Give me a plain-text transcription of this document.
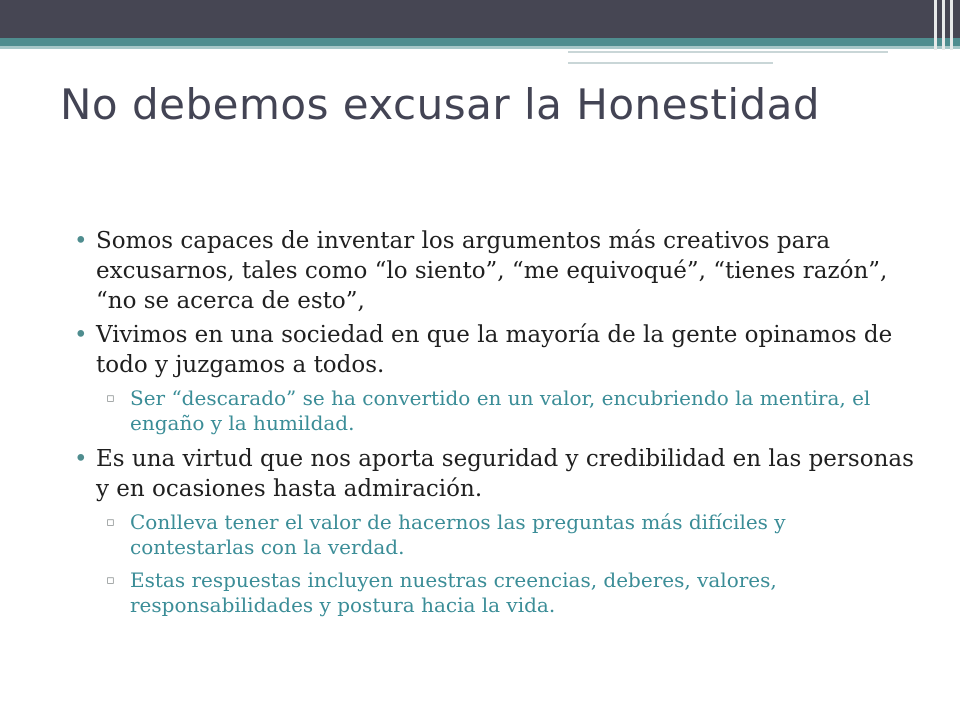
No debemos excusar la Honestidad
• Somos capaces de inventar los argumentos más creativos para excusarnos, tales como “lo siento”, “me equivoqué”, “tienes razón”, “no se acerca de esto”,
• Vivimos en una sociedad en que la mayoría de la gente opinamos de todo y juzgamos a todos.
▫ Ser “descarado” se ha convertido en un valor, encubriendo la mentira, el engaño y la humildad.
• Es una virtud que nos aporta seguridad y credibilidad en las personas y en ocasiones hasta admiración.
▫ Conlleva tener el valor de hacernos las preguntas más difíciles y contestarlas con la verdad.
▫ Estas respuestas incluyen nuestras creencias, deberes, valores, responsabilidades y postura hacia la vida.
